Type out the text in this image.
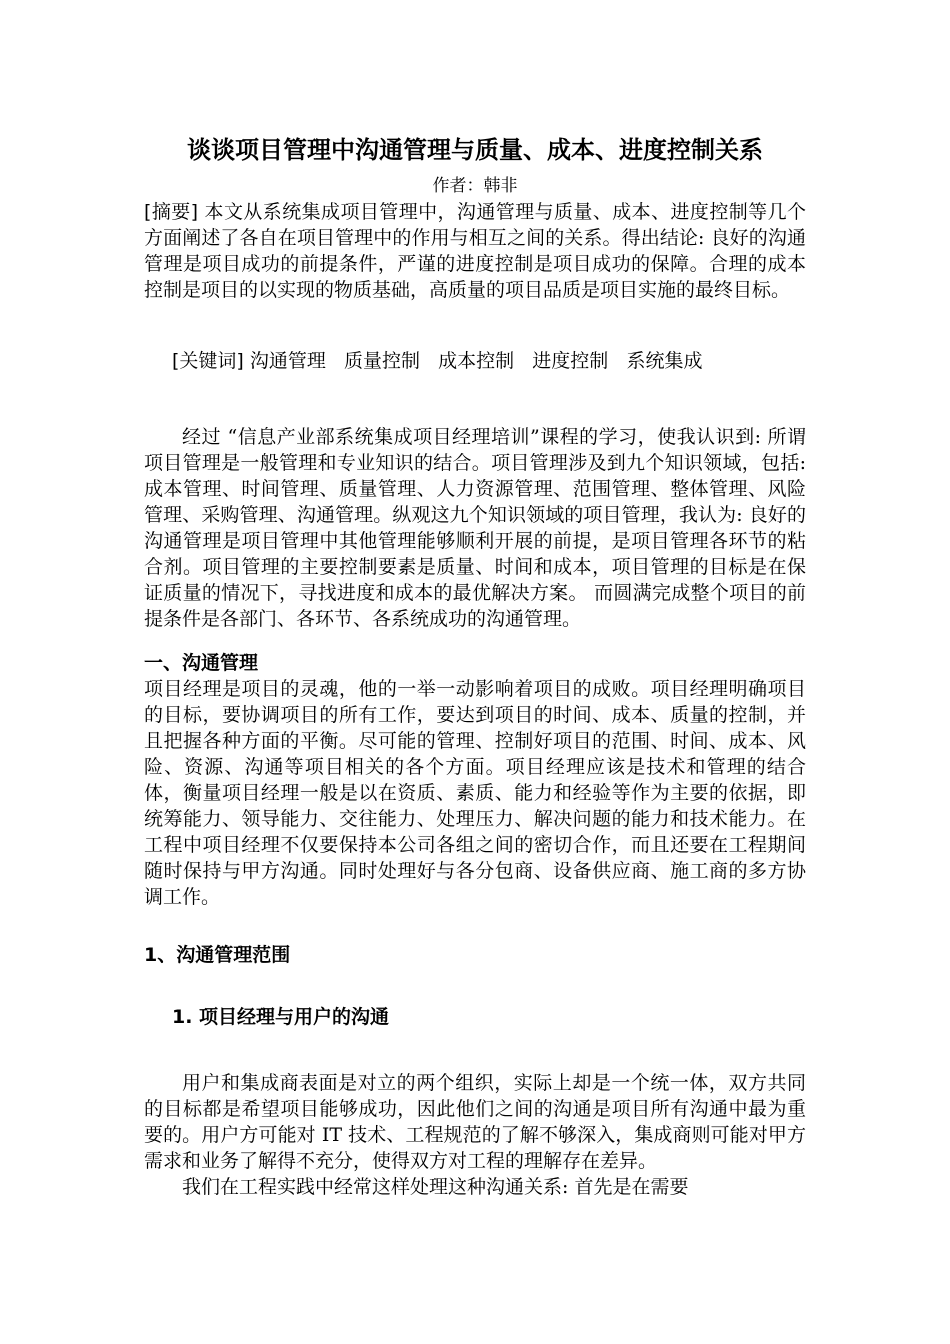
谈谈项目管理中沟通管理与质量、成本、进度控制关系
作者：韩非

[摘要] 本文从系统集成项目管理中，沟通管理与质量、成本、进度控制等几个方面阐述了各自在项目管理中的作用与相互之间的关系。得出结论: 良好的沟通管理是项目成功的前提条件，严谨的进度控制是项目成功的保障。合理的成本控制是项目的以实现的物质基础，高质量的项目品质是项目实施的最终目标。

[关键词] 沟通管理 质量控制 成本控制 进度控制 系统集成

经过 “信息产业部系统集成项目经理培训”课程的学习，使我认识到: 所谓项目管理是一般管理和专业知识的结合。项目管理涉及到九个知识领域，包括: 成本管理、时间管理、质量管理、人力资源管理、范围管理、整体管理、风险管理、采购管理、沟通管理。纵观这九个知识领域的项目管理，我认为: 良好的沟通管理是项目管理中其他管理能够顺利开展的前提，是项目管理各环节的粘合剂。项目管理的主要控制要素是质量、时间和成本，项目管理的目标是在保证质量的情况下，寻找进度和成本的最优解决方案。 而圆满完成整个项目的前提条件是各部门、各环节、各系统成功的沟通管理。

一、沟通管理

项目经理是项目的灵魂，他的一举一动影响着项目的成败。项目经理明确项目的目标，要协调项目的所有工作，要达到项目的时间、成本、质量的控制，并且把握各种方面的平衡。尽可能的管理、控制好项目的范围、时间、成本、风险、资源、沟通等项目相关的各个方面。项目经理应该是技术和管理的结合体，衡量项目经理一般是以在资质、素质、能力和经验等作为主要的依据，即统筹能力、领导能力、交往能力、处理压力、解决问题的能力和技术能力。在工程中项目经理不仅要保持本公司各组之间的密切合作，而且还要在工程期间随时保持与甲方沟通。同时处理好与各分包商、设备供应商、施工商的多方协调工作。

1、沟通管理范围

1. 项目经理与用户的沟通

用户和集成商表面是对立的两个组织，实际上却是一个统一体，双方共同的目标都是希望项目能够成功，因此他们之间的沟通是项目所有沟通中最为重要的。用户方可能对 IT 技术、工程规范的了解不够深入，集成商则可能对甲方需求和业务了解得不充分，使得双方对工程的理解存在差异。

我们在工程实践中经常这样处理这种沟通关系: 首先是在需要
